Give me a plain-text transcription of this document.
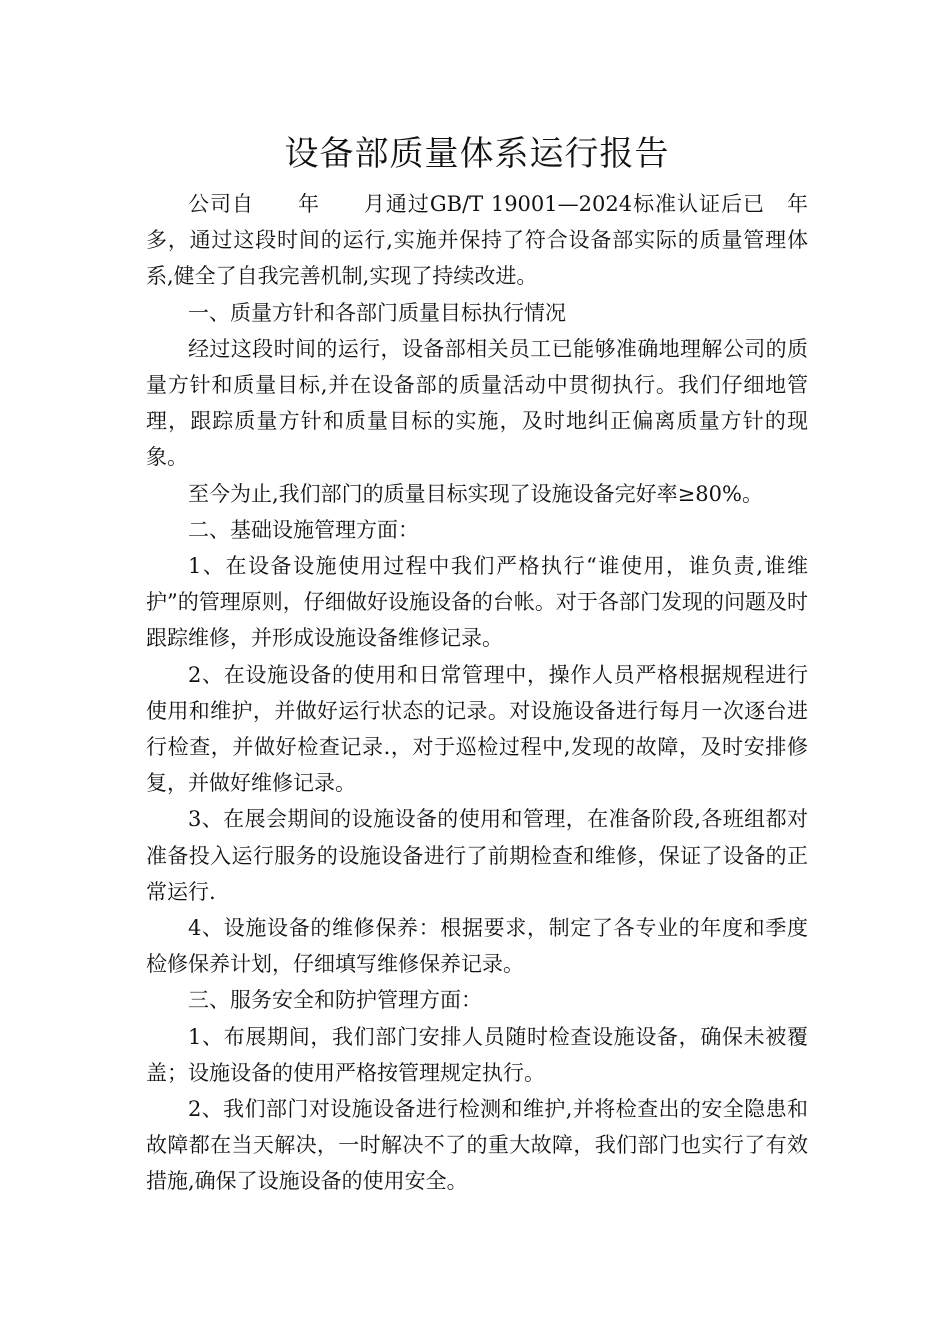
设备部质量体系运行报告

公司自　　年　　月通过GB/T 19001—2024标准认证后已　年多，通过这段时间的运行,实施并保持了符合设备部实际的质量管理体系,健全了自我完善机制,实现了持续改进。

一、质量方针和各部门质量目标执行情况

经过这段时间的运行，设备部相关员工已能够准确地理解公司的质量方针和质量目标,并在设备部的质量活动中贯彻执行。我们仔细地管理，跟踪质量方针和质量目标的实施，及时地纠正偏离质量方针的现象。

至今为止,我们部门的质量目标实现了设施设备完好率≥80%。

二、基础设施管理方面：

1、在设备设施使用过程中我们严格执行“谁使用，谁负责,谁维护”的管理原则，仔细做好设施设备的台帐。对于各部门发现的问题及时跟踪维修，并形成设施设备维修记录。

2、在设施设备的使用和日常管理中，操作人员严格根据规程进行使用和维护，并做好运行状态的记录。对设施设备进行每月一次逐台进行检查，并做好检查记录.，对于巡检过程中,发现的故障，及时安排修复，并做好维修记录。

3、在展会期间的设施设备的使用和管理，在准备阶段,各班组都对准备投入运行服务的设施设备进行了前期检查和维修，保证了设备的正常运行.

4、设施设备的维修保养：根据要求，制定了各专业的年度和季度检修保养计划，仔细填写维修保养记录。

三、服务安全和防护管理方面：

1、布展期间，我们部门安排人员随时检查设施设备，确保未被覆盖；设施设备的使用严格按管理规定执行。

2、我们部门对设施设备进行检测和维护,并将检查出的安全隐患和故障都在当天解决，一时解决不了的重大故障，我们部门也实行了有效措施,确保了设施设备的使用安全。
